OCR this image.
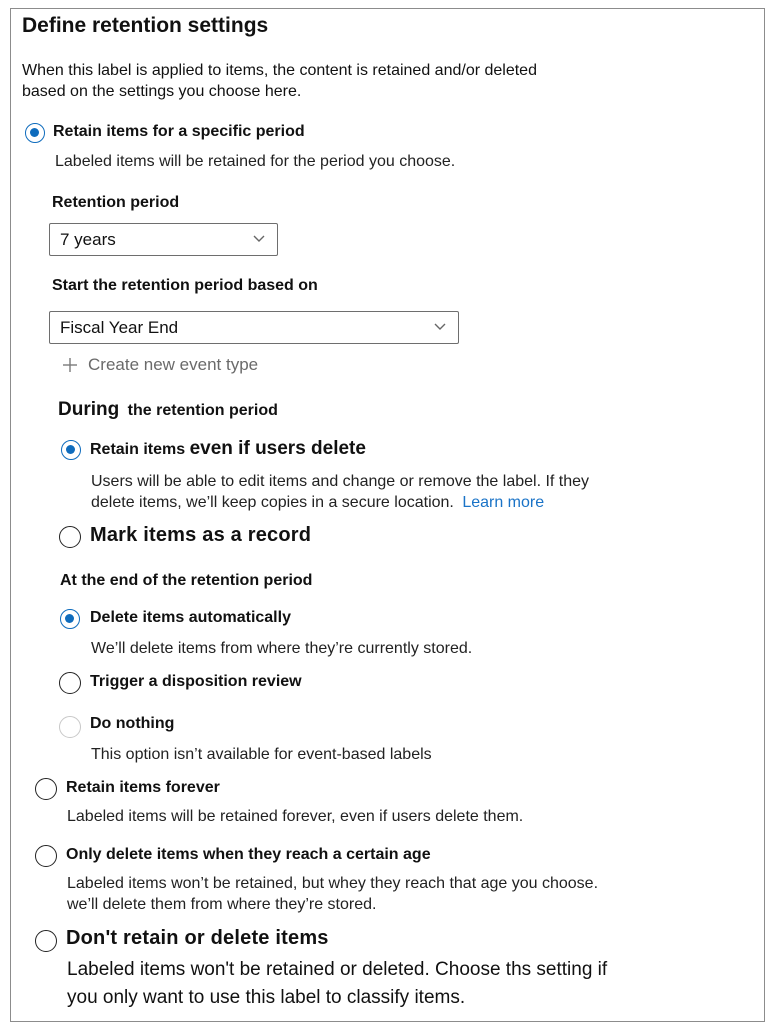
Define retention settings
When this label is applied to items, the content is retained and/or deleted
based on the settings you choose here.
Retain items for a specific period
Labeled items will be retained for the period you choose.
Retention period
7 years
Start the retention period based on
Fiscal Year End
Create new event type
During the retention period
Retain items even if users delete
Users will be able to edit items and change or remove the label. If they
delete items, we’ll keep copies in a secure location. Learn more
Mark items as a record
At the end of the retention period
Delete items automatically
We’ll delete items from where they’re currently stored.
Trigger a disposition review
Do nothing
This option isn’t available for event-based labels
Retain items forever
Labeled items will be retained forever, even if users delete them.
Only delete items when they reach a certain age
Labeled items won’t be retained, but whey they reach that age you choose.
we’ll delete them from where they’re stored.
Don't retain or delete items
Labeled items won't be retained or deleted. Choose ths setting if
you only want to use this label to classify items.
